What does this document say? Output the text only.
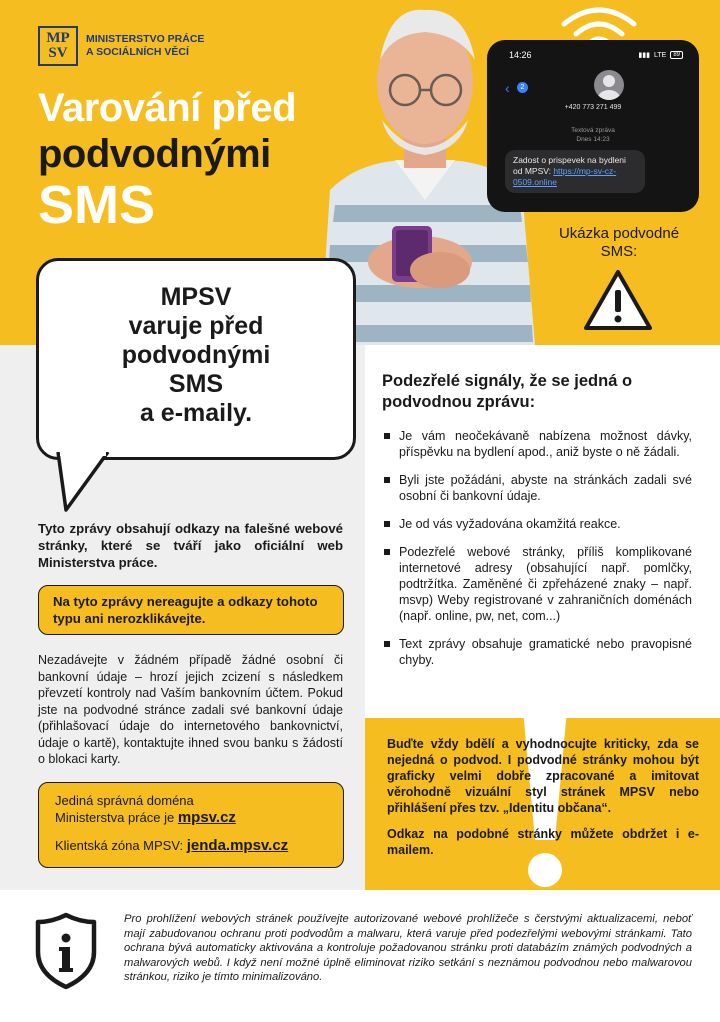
MP
SV
MINISTERSTVO PRÁCE
A SOCIÁLNÍCH VĚCÍ
Varování před
podvodnými
SMS
14:26	▮▮▮ LTE	89
‹	2
+420 773 271 499
Textová zpráva
Dnes 14:23
Zadost o prispevek na bydleni od MPSV: https://mp-sv-cz-0509.online
Ukázka podvodné SMS:
MPSV
varuje před
podvodnými
SMS
a e-maily.

Tyto zprávy obsahují odkazy na falešné webové stránky, které se tváří jako oficiální web Ministerstva práce.

Na tyto zprávy nereagujte a odkazy tohoto typu ani nerozklikávejte.

Nezadávejte v žádném případě žádné osobní či bankovní údaje – hrozí jejich zcizení s následkem převzetí kontroly nad Vaším bankovním účtem. Pokud jste na podvodné stránce zadali své bankovní údaje (přihlašovací údaje do internetového bankovnictví, údaje o kartě), kontaktujte ihned svou banku s žádostí o blokaci karty.

Jediná správná doména
Ministerstva práce je mpsv.cz
Klientská zóna MPSV: jenda.mpsv.cz
Podezřelé signály, že se jedná o podvodnou zprávu:
Je vám neočekávaně nabízena možnost dávky, příspěvku na bydlení apod., aniž byste o ně žádali.
Byli jste požádáni, abyste na stránkách zadali své osobní či bankovní údaje.
Je od vás vyžadována okamžitá reakce.
Podezřelé webové stránky, příliš komplikované internetové adresy (obsahující např. pomlčky, podtržítka. Zaměněné či zpřeházené znaky – např. msvp) Weby registrované v zahraničních doménách (např. online, pw, net, com...)
Text zprávy obsahuje gramatické nebo pravopisné chyby.

Buďte vždy bdělí a vyhodnocujte kriticky, zda se nejedná o podvod. I podvodné stránky mohou být graficky velmi dobře zpracované a imitovat věrohodně vizuální styl stránek MPSV nebo přihlášení přes tzv. „Identitu občana“.

Odkaz na podobné stránky můžete obdržet i e-mailem.

Pro prohlížení webových stránek používejte autorizované webové prohlížeče s čerstvými aktualizacemi, neboť mají zabudovanou ochranu proti podvodům a malwaru, která varuje před podezřelými webovými stránkami. Tato ochrana bývá automaticky aktivována a kontroluje požadovanou stránku proti databázím známých podvodných a malwarových webů. I když není možné úplně eliminovat riziko setkání s neznámou podvodnou nebo malwarovou stránkou, riziko je tímto minimalizováno.
